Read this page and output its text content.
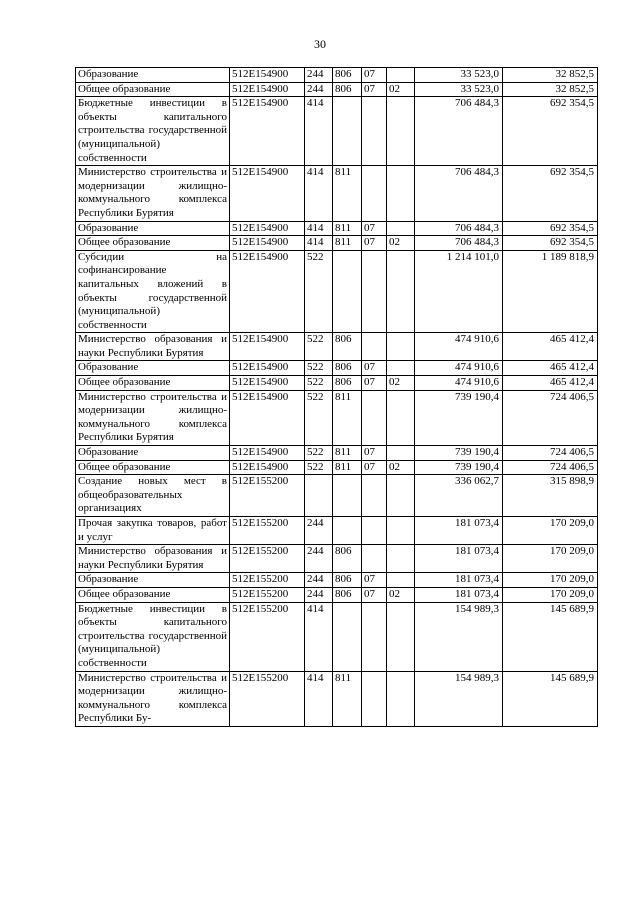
30
Образование	512E154900	244	806	07		33 523,0	32 852,5
Общее образование	512E154900	244	806	07	02	33 523,0	32 852,5
Бюджетные инвестиции в объекты капитального строительства государственной (муниципальной) собственности	512E154900	414				706 484,3	692 354,5
Министерство строительства и модернизации жилищно-коммунального комплекса Республики Бурятия	512E154900	414	811			706 484,3	692 354,5
Образование	512E154900	414	811	07		706 484,3	692 354,5
Общее образование	512E154900	414	811	07	02	706 484,3	692 354,5
Субсидии на софинансирование капитальных вложений в объекты государственной (муниципальной) собственности	512E154900	522				1 214 101,0	1 189 818,9
Министерство образования и науки Республики Бурятия	512E154900	522	806			474 910,6	465 412,4
Образование	512E154900	522	806	07		474 910,6	465 412,4
Общее образование	512E154900	522	806	07	02	474 910,6	465 412,4
Министерство строительства и модернизации жилищно-коммунального комплекса Республики Бурятия	512E154900	522	811			739 190,4	724 406,5
Образование	512E154900	522	811	07		739 190,4	724 406,5
Общее образование	512E154900	522	811	07	02	739 190,4	724 406,5
Создание новых мест в общеобразовательных организациях	512E155200					336 062,7	315 898,9
Прочая закупка товаров, работ и услуг	512E155200	244				181 073,4	170 209,0
Министерство образования и науки Республики Бурятия	512E155200	244	806			181 073,4	170 209,0
Образование	512E155200	244	806	07		181 073,4	170 209,0
Общее образование	512E155200	244	806	07	02	181 073,4	170 209,0
Бюджетные инвестиции в объекты капитального строительства государственной (муниципальной) собственности	512E155200	414				154 989,3	145 689,9
Министерство строительства и модернизации жилищно-коммунального комплекса Республики Бу-	512E155200	414	811			154 989,3	145 689,9
